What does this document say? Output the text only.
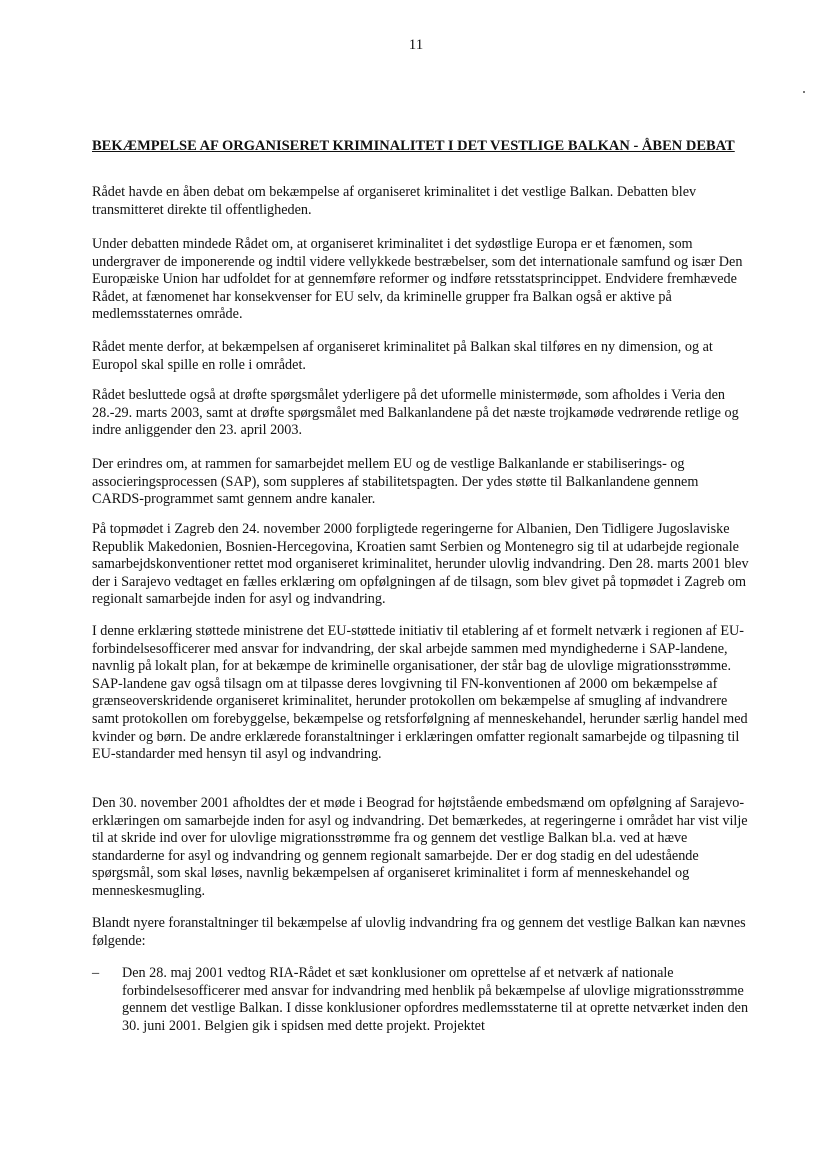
11
BEKÆMPELSE AF ORGANISERET KRIMINALITET I DET VESTLIGE BALKAN - ÅBEN DEBAT

Rådet havde en åben debat om bekæmpelse af organiseret kriminalitet i det vestlige Balkan. Debatten blev transmitteret direkte til offentligheden.

Under debatten mindede Rådet om, at organiseret kriminalitet i det sydøstlige Europa er et fænomen, som undergraver de imponerende og indtil videre vellykkede bestræbelser, som det internationale samfund og især Den Europæiske Union har udfoldet for at gennemføre reformer og indføre retsstatsprincippet. Endvidere fremhævede Rådet, at fænomenet har konsekvenser for EU selv, da kriminelle grupper fra Balkan også er aktive på medlemsstaternes område.

Rådet mente derfor, at bekæmpelsen af organiseret kriminalitet på Balkan skal tilføres en ny dimension, og at Europol skal spille en rolle i området.

Rådet besluttede også at drøfte spørgsmålet yderligere på det uformelle ministermøde, som afholdes i Veria den 28.-29. marts 2003, samt at drøfte spørgsmålet med Balkanlandene på det næste trojkamøde vedrørende retlige og indre anliggender den 23. april 2003.

Der erindres om, at rammen for samarbejdet mellem EU og de vestlige Balkanlande er stabiliserings- og associeringsprocessen (SAP), som suppleres af stabilitetspagten. Der ydes støtte til Balkanlandene gennem CARDS-programmet samt gennem andre kanaler.

På topmødet i Zagreb den 24. november 2000 forpligtede regeringerne for Albanien, Den Tidligere Jugoslaviske Republik Makedonien, Bosnien-Hercegovina, Kroatien samt Serbien og Montenegro sig til at udarbejde regionale samarbejdskonventioner rettet mod organiseret kriminalitet, herunder ulovlig indvandring. Den 28. marts 2001 blev der i Sarajevo vedtaget en fælles erklæring om opfølgningen af de tilsagn, som blev givet på topmødet i Zagreb om regionalt samarbejde inden for asyl og indvandring.

I denne erklæring støttede ministrene det EU-støttede initiativ til etablering af et formelt netværk i regionen af EU-forbindelsesofficerer med ansvar for indvandring, der skal arbejde sammen med myndighederne i SAP-landene, navnlig på lokalt plan, for at bekæmpe de kriminelle organisationer, der står bag de ulovlige migrationsstrømme. SAP-landene gav også tilsagn om at tilpasse deres lovgivning til FN-konventionen af 2000 om bekæmpelse af grænseoverskridende organiseret kriminalitet, herunder protokollen om bekæmpelse af smugling af indvandrere samt protokollen om forebyggelse, bekæmpelse og retsforfølgning af menneskehandel, herunder særlig handel med kvinder og børn. De andre erklærede foranstaltninger i erklæringen omfatter regionalt samarbejde og tilpasning til EU-standarder med hensyn til asyl og indvandring.

Den 30. november 2001 afholdtes der et møde i Beograd for højtstående embedsmænd om opfølgning af Sarajevo-erklæringen om samarbejde inden for asyl og indvandring. Det bemærkedes, at regeringerne i området har vist vilje til at skride ind over for ulovlige migrationsstrømme fra og gennem det vestlige Balkan bl.a. ved at hæve standarderne for asyl og indvandring og gennem regionalt samarbejde. Der er dog stadig en del udestående spørgsmål, som skal løses, navnlig bekæmpelsen af organiseret kriminalitet i form af menneskehandel og menneskesmugling.

Blandt nyere foranstaltninger til bekæmpelse af ulovlig indvandring fra og gennem det vestlige Balkan kan nævnes følgende:

– Den 28. maj 2001 vedtog RIA-Rådet et sæt konklusioner om oprettelse af et netværk af nationale forbindelsesofficerer med ansvar for indvandring med henblik på bekæmpelse af ulovlige migrationsstrømme gennem det vestlige Balkan. I disse konklusioner opfordres medlemsstaterne til at oprette netværket inden den 30. juni 2001. Belgien gik i spidsen med dette projekt. Projektet
